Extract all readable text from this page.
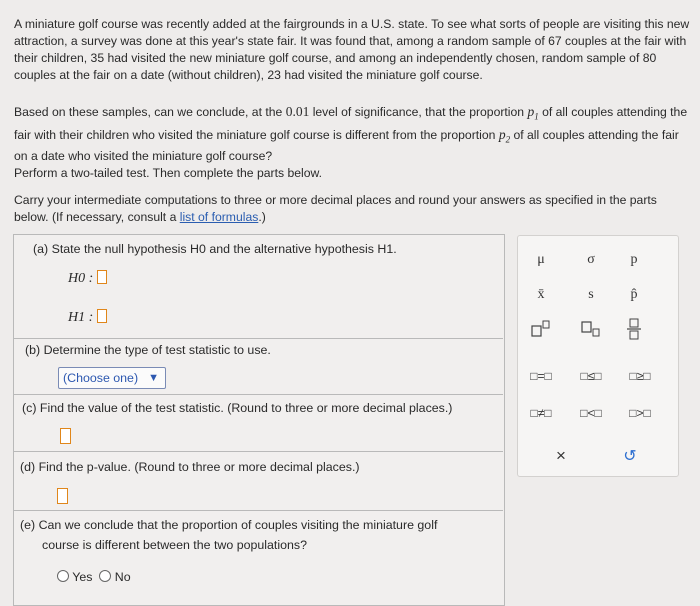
A miniature golf course was recently added at the fairgrounds in a U.S. state. To see what sorts of people are visiting this new attraction, a survey was done at this year's state fair. It was found that, among a random sample of 67 couples at the fair with their children, 35 had visited the new miniature golf course, and among an independently chosen, random sample of 80 couples at the fair on a date (without children), 23 had visited the miniature golf course.
Based on these samples, can we conclude, at the 0.01 level of significance, that the proportion $p_1$ of all couples attending the fair with their children who visited the miniature golf course is different from the proportion $p_2$ of all couples attending the fair on a date who visited the miniature golf course?
Perform a two-tailed test. Then complete the parts below.
Carry your intermediate computations to three or more decimal places and round your answers as specified in the parts below. (If necessary, consult a list of formulas.)
(a) State the null hypothesis H0 and the alternative hypothesis H1.
H0 :
H1 :
(b) Determine the type of test statistic to use.
(Choose one) ▼
(c) Find the value of the test statistic. (Round to three or more decimal places.)
(d) Find the p-value. (Round to three or more decimal places.)
(e) Can we conclude that the proportion of couples visiting the miniature golf
course is different between the two populations?
Yes No
μ	σ	p
x̄	s	p̂
□=□	□≤□	□≥□
□≠□	□<□	□>□
×	↺
